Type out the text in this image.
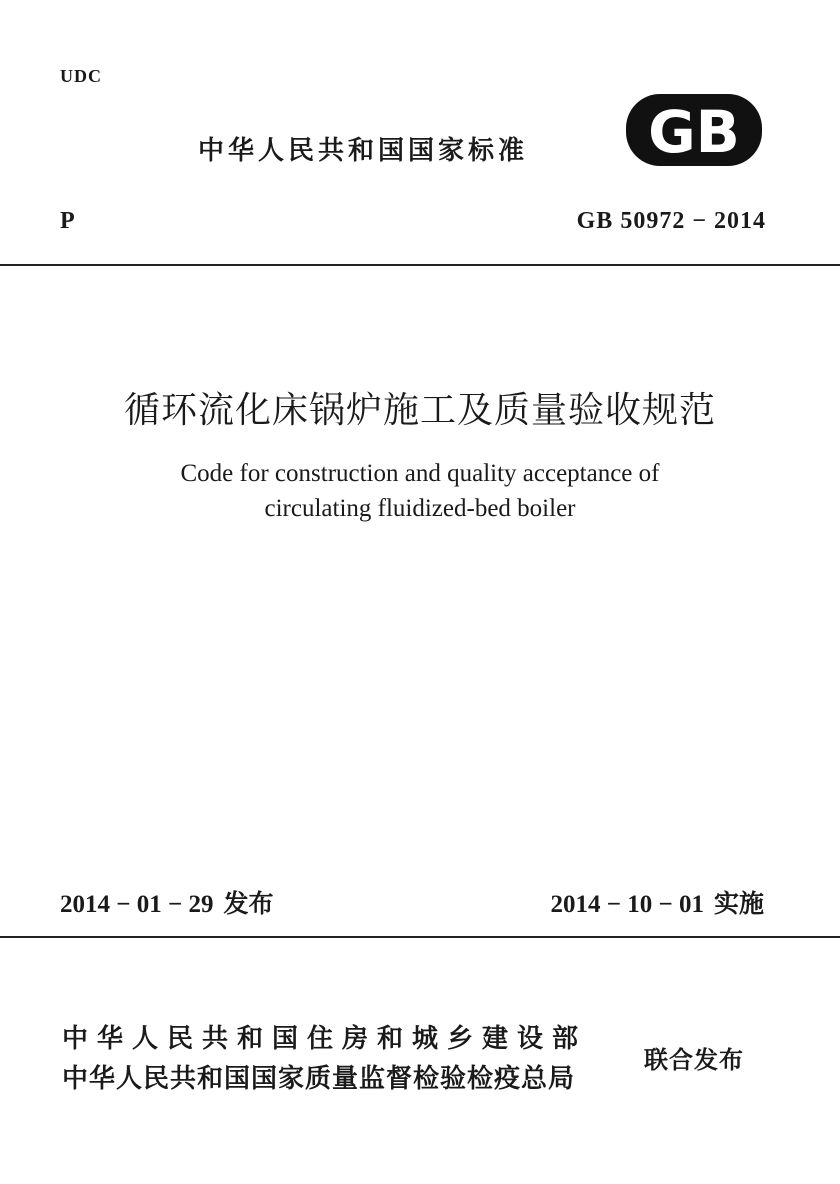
UDC
中华人民共和国国家标准 GB
P	GB 50972 − 2014
循环流化床锅炉施工及质量验收规范
Code for construction and quality acceptance of
circulating fluidized-bed boiler
2014 − 01 − 29 发布	2014 − 10 − 01 实施
中华人民共和国住房和城乡建设部
中华人民共和国国家质量监督检验检疫总局
联合发布
